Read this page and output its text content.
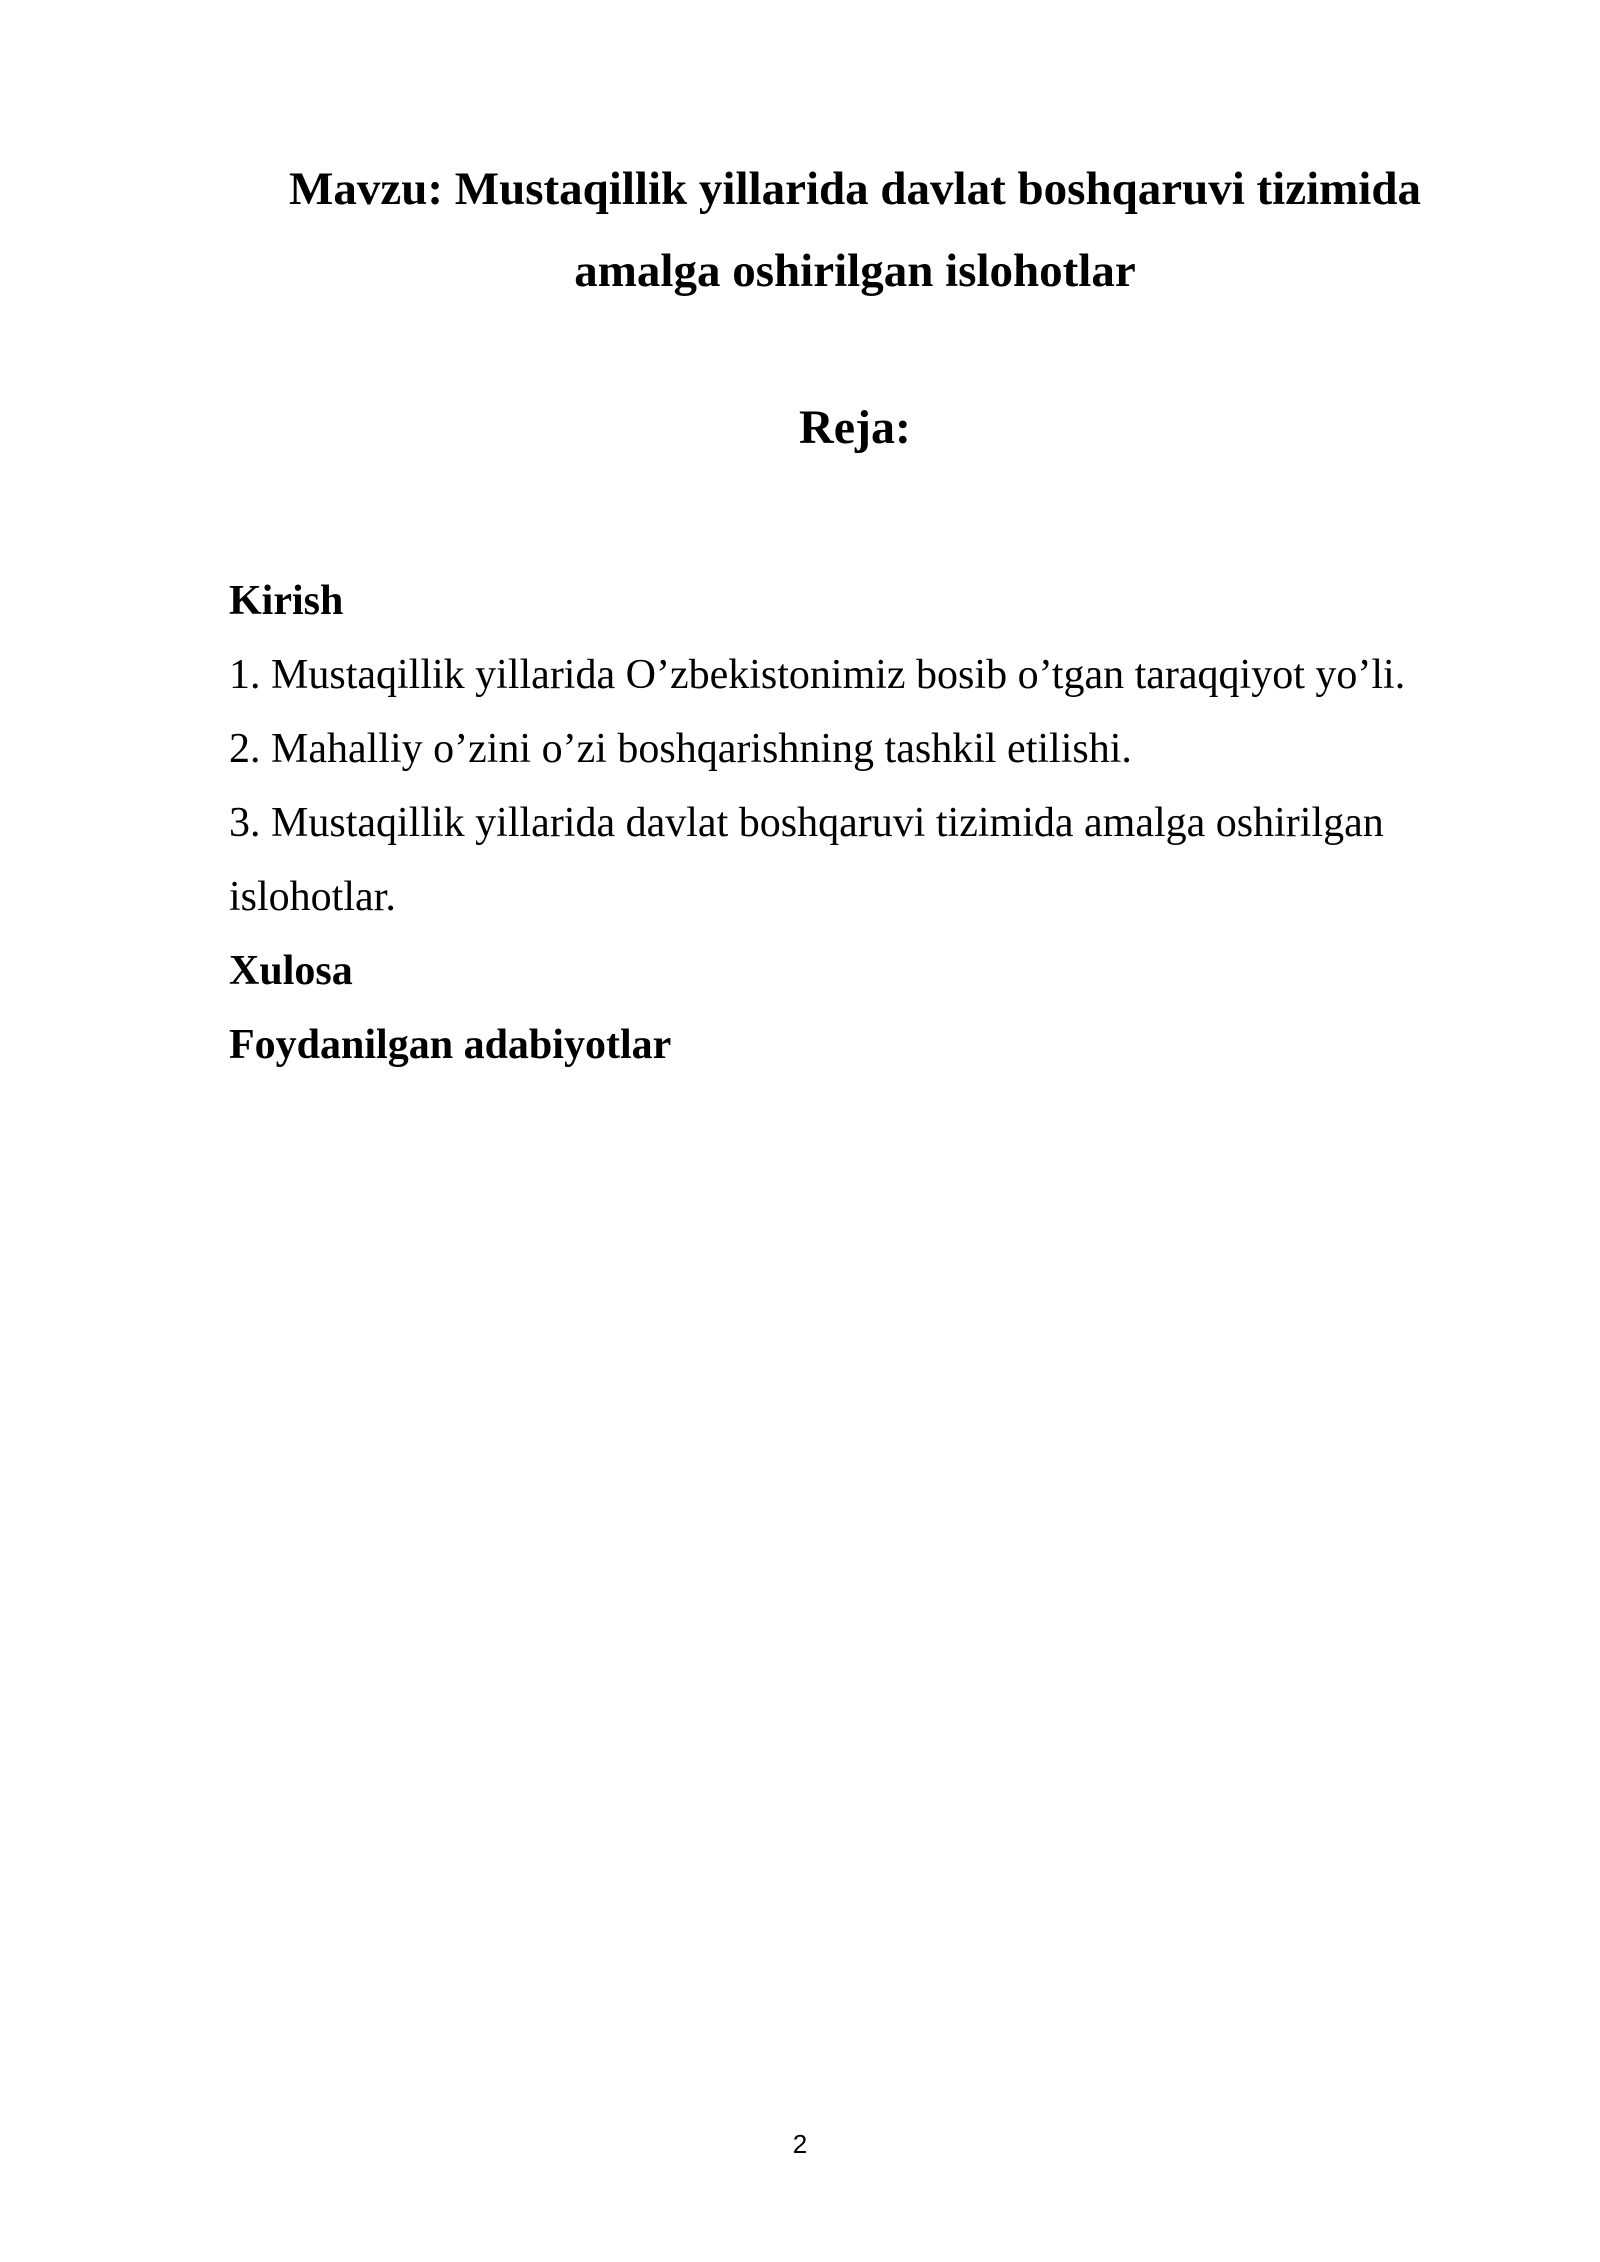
Mavzu: Mustaqillik yillarida davlat boshqaruvi tizimida
amalga oshirilgan islohotlar
Reja:
Kirish
1. Mustaqillik yillarida O’zbekistonimiz bosib o’tgan taraqqiyot yo’li.
2. Mahalliy o’zini o’zi boshqarishning tashkil etilishi.
3. Mustaqillik yillarida davlat boshqaruvi tizimida amalga oshirilgan
islohotlar.
Xulosa
Foydanilgan adabiyotlar
2
